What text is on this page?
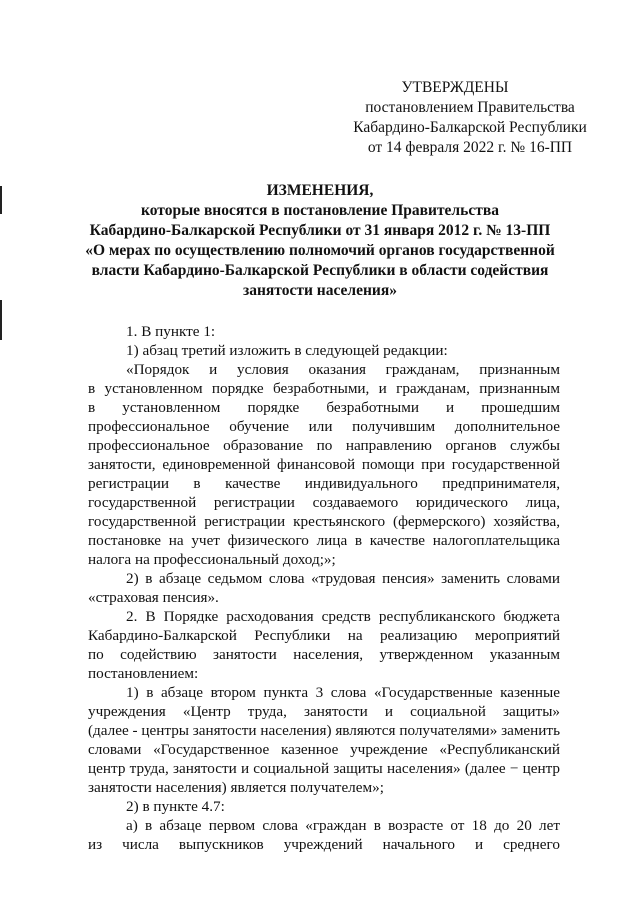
УТВЕРЖДЕНЫ
постановлением Правительства
Кабардино-Балкарской Республики
от 14 февраля 2022 г. № 16-ПП
ИЗМЕНЕНИЯ,
которые вносятся в постановление Правительства
Кабардино-Балкарской Республики от 31 января 2012 г. № 13-ПП
«О мерах по осуществлению полномочий органов государственной
власти Кабардино-Балкарской Республики в области содействия
занятости населения»
1. В пункте 1:
1) абзац третий изложить в следующей редакции:
«Порядок и условия оказания гражданам, признанным
в установленном порядке безработными, и гражданам, признанным
в установленном порядке безработными и прошедшим
профессиональное обучение или получившим дополнительное
профессиональное образование по направлению органов службы
занятости, единовременной финансовой помощи при государственной
регистрации в качестве индивидуального предпринимателя,
государственной регистрации создаваемого юридического лица,
государственной регистрации крестьянского (фермерского) хозяйства,
постановке на учет физического лица в качестве налогоплательщика
налога на профессиональный доход;»;
2) в абзаце седьмом слова «трудовая пенсия» заменить словами
«страховая пенсия».
2. В Порядке расходования средств республиканского бюджета
Кабардино-Балкарской Республики на реализацию мероприятий
по содействию занятости населения, утвержденном указанным
постановлением:
1) в абзаце втором пункта 3 слова «Государственные казенные
учреждения «Центр труда, занятости и социальной защиты»
(далее - центры занятости населения) являются получателями» заменить
словами «Государственное казенное учреждение «Республиканский
центр труда, занятости и социальной защиты населения» (далее − центр
занятости населения) является получателем»;
2) в пункте 4.7:
а) в абзаце первом слова «граждан в возрасте от 18 до 20 лет
из числа выпускников учреждений начального и среднего
